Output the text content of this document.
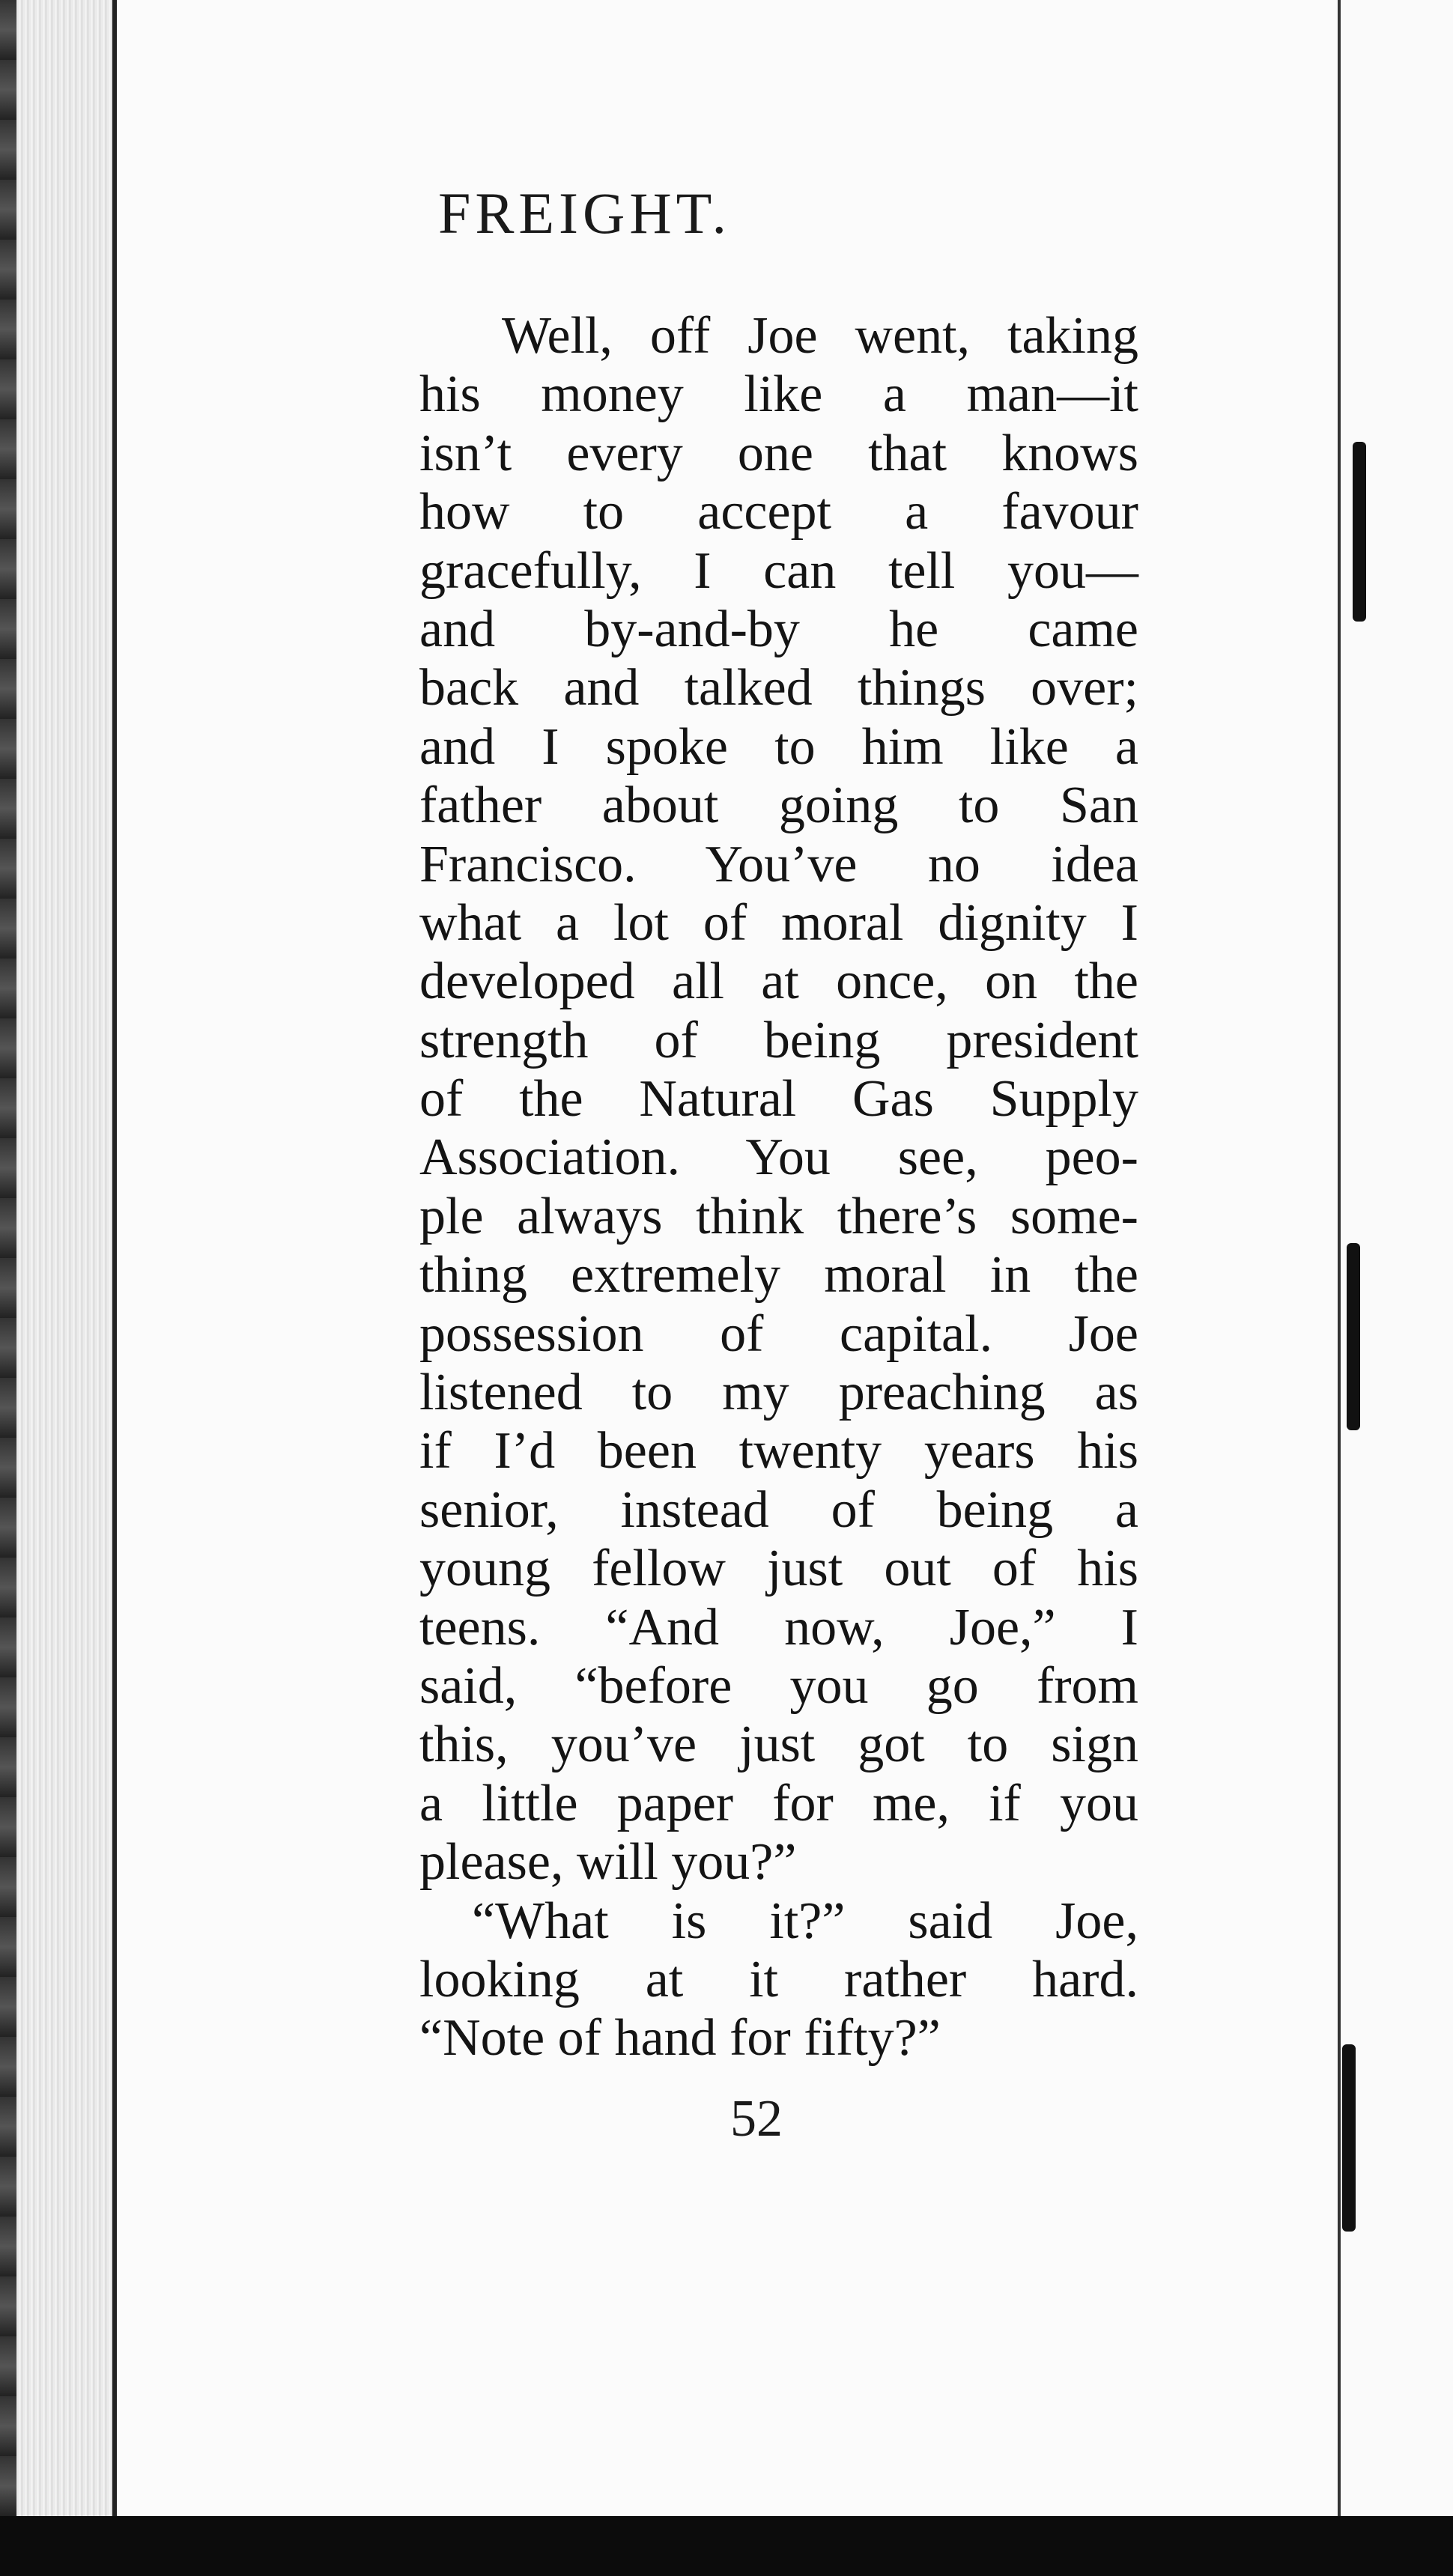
FREIGHT.
Well, off Joe went, taking
his money like a man—it
isn’t every one that knows
how to accept a favour
gracefully, I can tell you—
and by-and-by he came
back and talked things over;
and I spoke to him like a
father about going to San
Francisco. You’ve no idea
what a lot of moral dignity I
developed all at once, on the
strength of being president
of the Natural Gas Supply
Association. You see, peo-
ple always think there’s some-
thing extremely moral in the
possession of capital. Joe
listened to my preaching as
if I’d been twenty years his
senior, instead of being a
young fellow just out of his
teens. “And now, Joe,” I
said, “before you go from
this, you’ve just got to sign
a little paper for me, if you
please, will you?”
“What is it?” said Joe,
looking at it rather hard.
“Note of hand for fifty?”
52
